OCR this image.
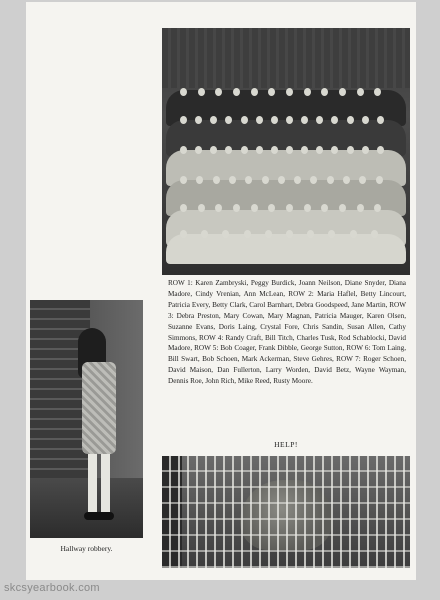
ROW 1: Karen Zambryski, Peggy Burdick, Joann Neilson, Diane Snyder, Diana Madore, Cindy Vrenian, Ann McLean, ROW 2: Maria Haflel, Betty Lincourt, Patricia Every, Betty Clark, Carol Barnhart, Debra Goodspeed, Jane Martin, ROW 3: Debra Preston, Mary Cowan, Mary Magnan, Patricia Mauger, Karen Olsen, Suzanne Evans, Doris Laing, Crystal Fore, Chris Sandin, Susan Allen, Cathy Simmons, ROW 4: Randy Craft, Bill Titch, Charles Tusk, Rod Schablocki, David Madore, ROW 5: Bob Coager, Frank Dibble, George Sutton, ROW 6: Tom Laing, Bill Swart, Bob Schoen, Mark Ackerman, Steve Gehres, ROW 7: Roger Schoen, David Maison, Dan Fullerton, Larry Worden, David Betz, Wayne Wayman, Dennis Roe, John Rich, Mike Reed, Rusty Moore.

Hallway robbery.

HELP!

skcsyearbook.com
